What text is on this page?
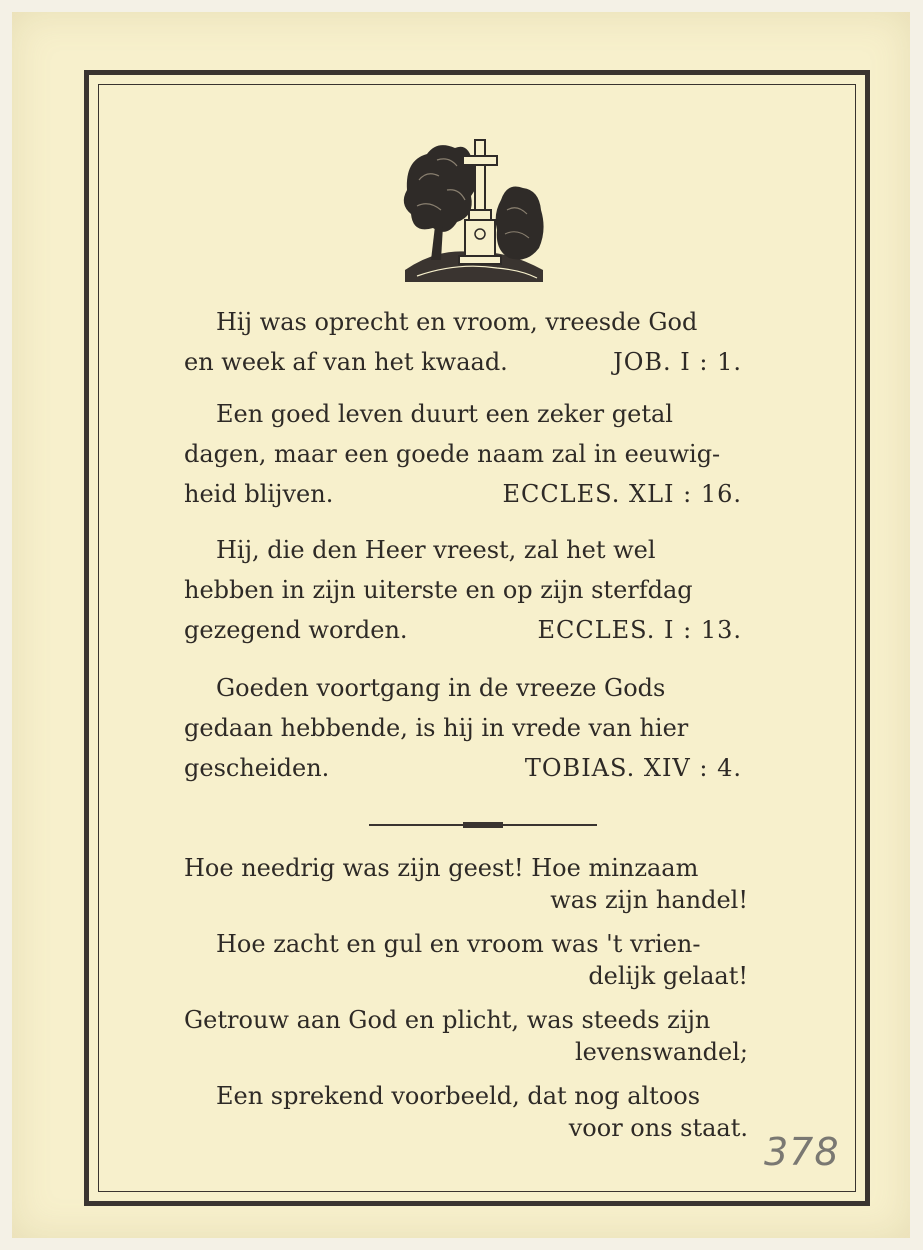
Hij was oprecht en vroom, vreesde God
en week af van het kwaad.	JOB. I : 1.
Een goed leven duurt een zeker getal
dagen, maar een goede naam zal in eeuwig-
heid blijven.	ECCLES. XLI : 16.
Hij, die den Heer vreest, zal het wel
hebben in zijn uiterste en op zijn sterfdag
gezegend worden.	ECCLES. I : 13.
Goeden voortgang in de vreeze Gods
gedaan hebbende, is hij in vrede van hier
gescheiden.	TOBIAS. XIV : 4.
Hoe needrig was zijn geest! Hoe minzaam
was zijn handel!
Hoe zacht en gul en vroom was 't vrien-
delijk gelaat!
Getrouw aan God en plicht, was steeds zijn
levenswandel;
Een sprekend voorbeeld, dat nog altoos
voor ons staat.
378
